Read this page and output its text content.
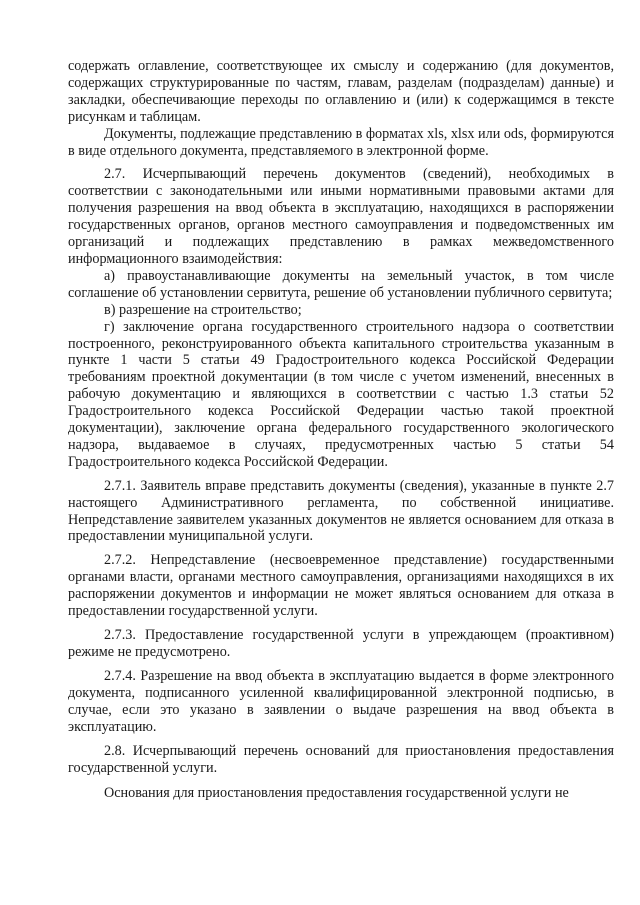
содержать оглавление, соответствующее их смыслу и содержанию (для документов, содержащих структурированные по частям, главам, разделам (подразделам) данные) и закладки, обеспечивающие переходы по оглавлению и (или) к содержащимся в тексте рисункам и таблицам.

Документы, подлежащие представлению в форматах xls, xlsx или ods, формируются в виде отдельного документа, представляемого в электронной форме.

2.7. Исчерпывающий перечень документов (сведений), необходимых в соответствии с законодательными или иными нормативными правовыми актами для получения разрешения на ввод объекта в эксплуатацию, находящихся в распоряжении государственных органов, органов местного самоуправления и подведомственных им организаций и подлежащих представлению в рамках межведомственного информационного взаимодействия:

а) правоустанавливающие документы на земельный участок, в том числе соглашение об установлении сервитута, решение об установлении публичного сервитута;

в) разрешение на строительство;

г) заключение органа государственного строительного надзора о соответствии построенного, реконструированного объекта капитального строительства указанным в пункте 1 части 5 статьи 49 Градостроительного кодекса Российской Федерации требованиям проектной документации (в том числе с учетом изменений, внесенных в рабочую документацию и являющихся в соответствии с частью 1.3 статьи 52 Градостроительного кодекса Российской Федерации частью такой проектной документации), заключение органа федерального государственного экологического надзора, выдаваемое в случаях, предусмотренных частью 5 статьи 54 Градостроительного кодекса Российской Федерации.

2.7.1. Заявитель вправе представить документы (сведения), указанные в пункте 2.7 настоящего Административного регламента, по собственной инициативе. Непредставление заявителем указанных документов не является основанием для отказа в предоставлении муниципальной услуги.

2.7.2. Непредставление (несвоевременное представление) государственными органами власти, органами местного самоуправления, организациями находящихся в их распоряжении документов и информации не может являться основанием для отказа в предоставлении государственной услуги.

2.7.3. Предоставление государственной услуги в упреждающем (проактивном) режиме не предусмотрено.

2.7.4. Разрешение на ввод объекта в эксплуатацию выдается в форме электронного документа, подписанного усиленной квалифицированной электронной подписью, в случае, если это указано в заявлении о выдаче разрешения на ввод объекта в эксплуатацию.

2.8. Исчерпывающий перечень оснований для приостановления предоставления государственной услуги.

Основания для приостановления предоставления государственной услуги не
